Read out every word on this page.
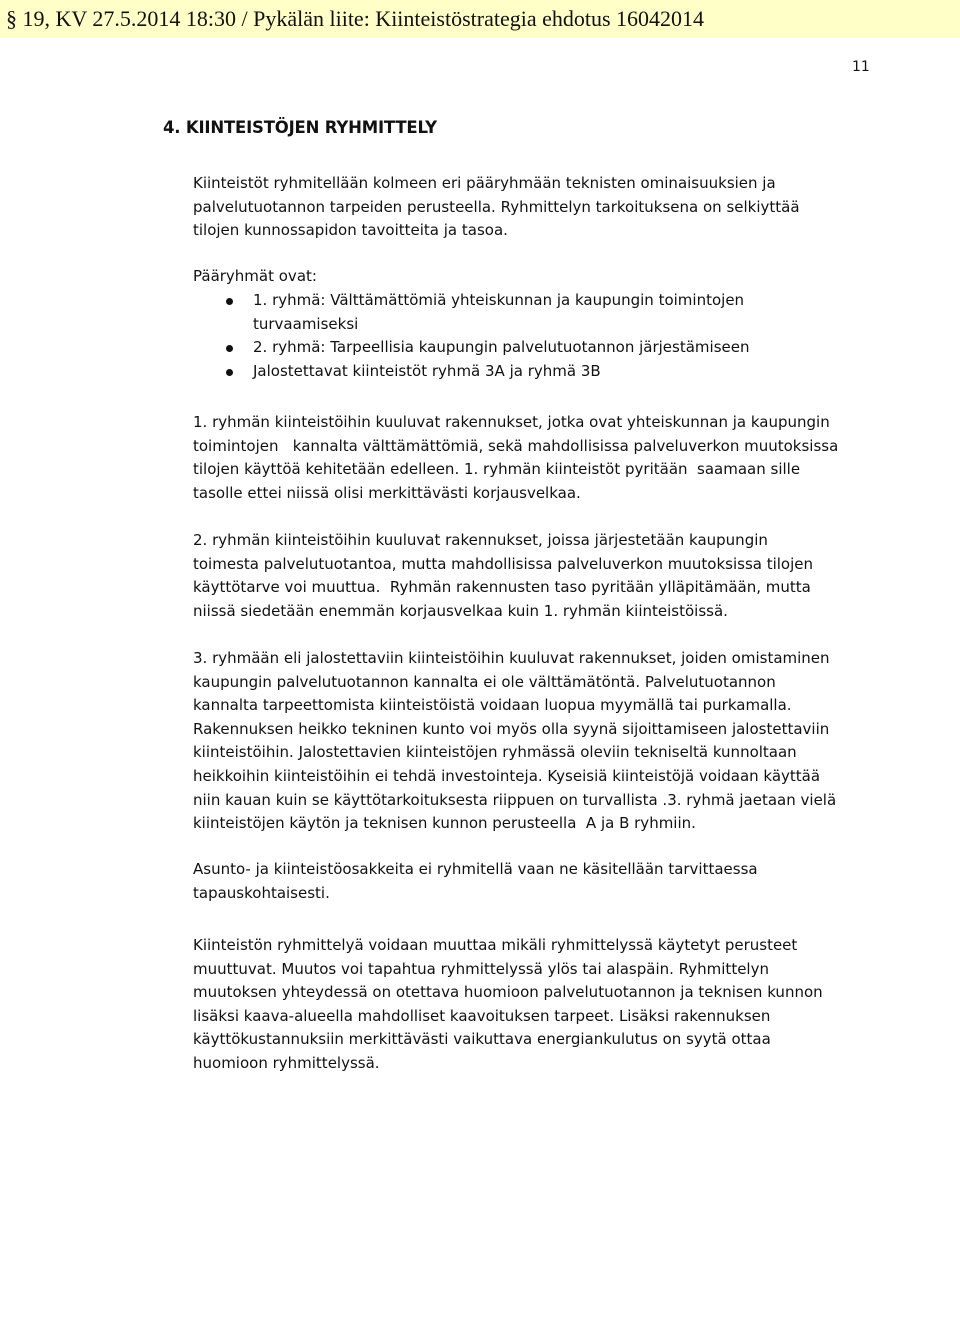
§ 19, KV 27.5.2014 18:30 / Pykälän liite: Kiinteistöstrategia ehdotus 16042014
11
4. KIINTEISTÖJEN RYHMITTELY

Kiinteistöt ryhmitellään kolmeen eri pääryhmään teknisten ominaisuuksien ja
palvelutuotannon tarpeiden perusteella. Ryhmittelyn tarkoituksena on selkiyttää
tilojen kunnossapidon tavoitteita ja tasoa.

Pääryhmät ovat:

1. ryhmä: Välttämättömiä yhteiskunnan ja kaupungin toimintojen
turvaamiseksi
2. ryhmä: Tarpeellisia kaupungin palvelutuotannon järjestämiseen
Jalostettavat kiinteistöt ryhmä 3A ja ryhmä 3B

1. ryhmän kiinteistöihin kuuluvat rakennukset, jotka ovat yhteiskunnan ja kaupungin
toimintojen   kannalta välttämättömiä, sekä mahdollisissa palveluverkon muutoksissa
tilojen käyttöä kehitetään edelleen. 1. ryhmän kiinteistöt pyritään  saamaan sille
tasolle ettei niissä olisi merkittävästi korjausvelkaa.

2. ryhmän kiinteistöihin kuuluvat rakennukset, joissa järjestetään kaupungin
toimesta palvelutuotantoa, mutta mahdollisissa palveluverkon muutoksissa tilojen
käyttötarve voi muuttua.  Ryhmän rakennusten taso pyritään ylläpitämään, mutta
niissä siedetään enemmän korjausvelkaa kuin 1. ryhmän kiinteistöissä.

3. ryhmään eli jalostettaviin kiinteistöihin kuuluvat rakennukset, joiden omistaminen
kaupungin palvelutuotannon kannalta ei ole välttämätöntä. Palvelutuotannon
kannalta tarpeettomista kiinteistöistä voidaan luopua myymällä tai purkamalla.
Rakennuksen heikko tekninen kunto voi myös olla syynä sijoittamiseen jalostettaviin
kiinteistöihin. Jalostettavien kiinteistöjen ryhmässä oleviin tekniseltä kunnoltaan
heikkoihin kiinteistöihin ei tehdä investointeja. Kyseisiä kiinteistöjä voidaan käyttää
niin kauan kuin se käyttötarkoituksesta riippuen on turvallista .3. ryhmä jaetaan vielä
kiinteistöjen käytön ja teknisen kunnon perusteella  A ja B ryhmiin.

Asunto- ja kiinteistöosakkeita ei ryhmitellä vaan ne käsitellään tarvittaessa
tapauskohtaisesti.

Kiinteistön ryhmittelyä voidaan muuttaa mikäli ryhmittelyssä käytetyt perusteet
muuttuvat. Muutos voi tapahtua ryhmittelyssä ylös tai alaspäin. Ryhmittelyn
muutoksen yhteydessä on otettava huomioon palvelutuotannon ja teknisen kunnon
lisäksi kaava-alueella mahdolliset kaavoituksen tarpeet. Lisäksi rakennuksen
käyttökustannuksiin merkittävästi vaikuttava energiankulutus on syytä ottaa
huomioon ryhmittelyssä.
